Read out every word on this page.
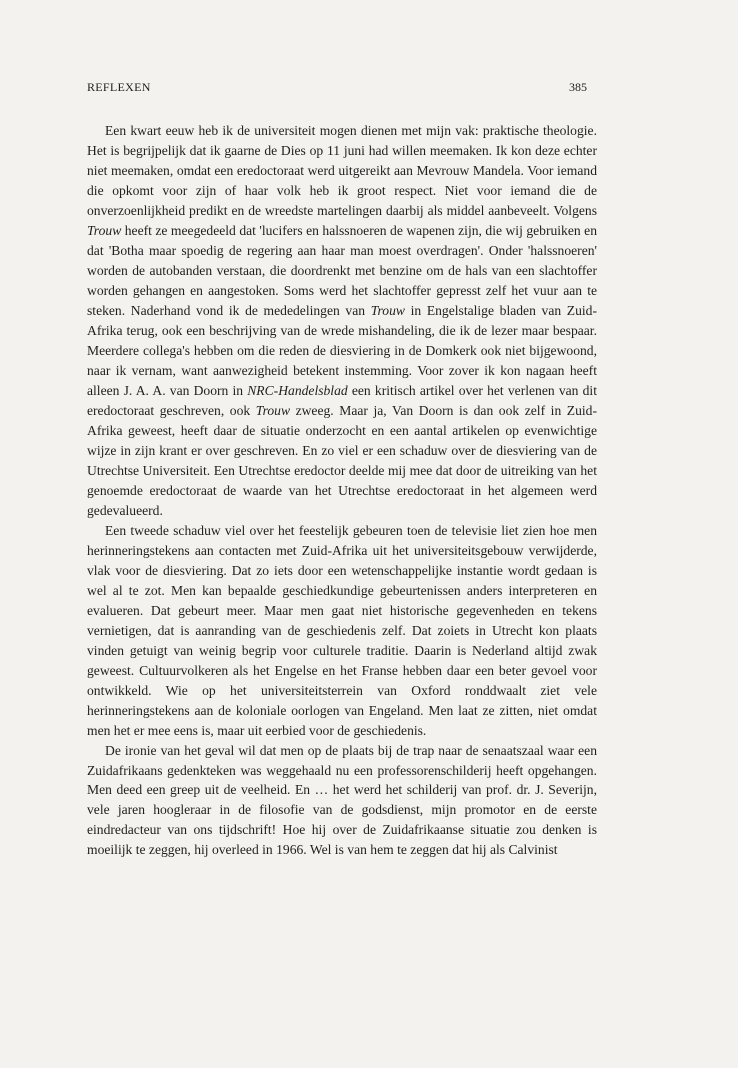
REFLEXEN	385

Een kwart eeuw heb ik de universiteit mogen dienen met mijn vak: praktische theologie. Het is begrijpelijk dat ik gaarne de Dies op 11 juni had willen meemaken. Ik kon deze echter niet meemaken, omdat een eredoctoraat werd uitgereikt aan Mevrouw Mandela. Voor iemand die opkomt voor zijn of haar volk heb ik groot respect. Niet voor iemand die de onverzoenlijkheid predikt en de wreedste martelingen daarbij als middel aanbeveelt. Volgens Trouw heeft ze meegedeeld dat 'lucifers en halssnoeren de wapenen zijn, die wij gebruiken en dat 'Botha maar spoedig de regering aan haar man moest overdragen'. Onder 'halssnoeren' worden de autobanden verstaan, die doordrenkt met benzine om de hals van een slachtoffer worden gehangen en aangestoken. Soms werd het slachtoffer gepresst zelf het vuur aan te steken. Naderhand vond ik de mededelingen van Trouw in Engelstalige bladen van Zuid-Afrika terug, ook een beschrijving van de wrede mishandeling, die ik de lezer maar bespaar. Meerdere collega's hebben om die reden de diesviering in de Domkerk ook niet bijgewoond, naar ik vernam, want aanwezigheid betekent instemming. Voor zover ik kon nagaan heeft alleen J. A. A. van Doorn in NRC-Handelsblad een kritisch artikel over het verlenen van dit eredoctoraat geschreven, ook Trouw zweeg. Maar ja, Van Doorn is dan ook zelf in Zuid-Afrika geweest, heeft daar de situatie onderzocht en een aantal artikelen op evenwichtige wijze in zijn krant er over geschreven. En zo viel er een schaduw over de diesviering van de Utrechtse Universiteit. Een Utrechtse eredoctor deelde mij mee dat door de uitreiking van het genoemde eredoctoraat de waarde van het Utrechtse eredoctoraat in het algemeen werd gedevalueerd.

Een tweede schaduw viel over het feestelijk gebeuren toen de televisie liet zien hoe men herinneringstekens aan contacten met Zuid-Afrika uit het universiteitsgebouw verwijderde, vlak voor de diesviering. Dat zo iets door een wetenschappelijke instantie wordt gedaan is wel al te zot. Men kan bepaalde geschiedkundige gebeurtenissen anders interpreteren en evalueren. Dat gebeurt meer. Maar men gaat niet historische gegevenheden en tekens vernietigen, dat is aanranding van de geschiedenis zelf. Dat zoiets in Utrecht kon plaats vinden getuigt van weinig begrip voor culturele traditie. Daarin is Nederland altijd zwak geweest. Cultuurvolkeren als het Engelse en het Franse hebben daar een beter gevoel voor ontwikkeld. Wie op het universiteitsterrein van Oxford ronddwaalt ziet vele herinneringstekens aan de koloniale oorlogen van Engeland. Men laat ze zitten, niet omdat men het er mee eens is, maar uit eerbied voor de geschiedenis.

De ironie van het geval wil dat men op de plaats bij de trap naar de senaatszaal waar een Zuidafrikaans gedenkteken was weggehaald nu een professorenschilderij heeft opgehangen. Men deed een greep uit de veelheid. En … het werd het schilderij van prof. dr. J. Severijn, vele jaren hoogleraar in de filosofie van de godsdienst, mijn promotor en de eerste eindredacteur van ons tijdschrift! Hoe hij over de Zuidafrikaanse situatie zou denken is moeilijk te zeggen, hij overleed in 1966. Wel is van hem te zeggen dat hij als Calvinist
